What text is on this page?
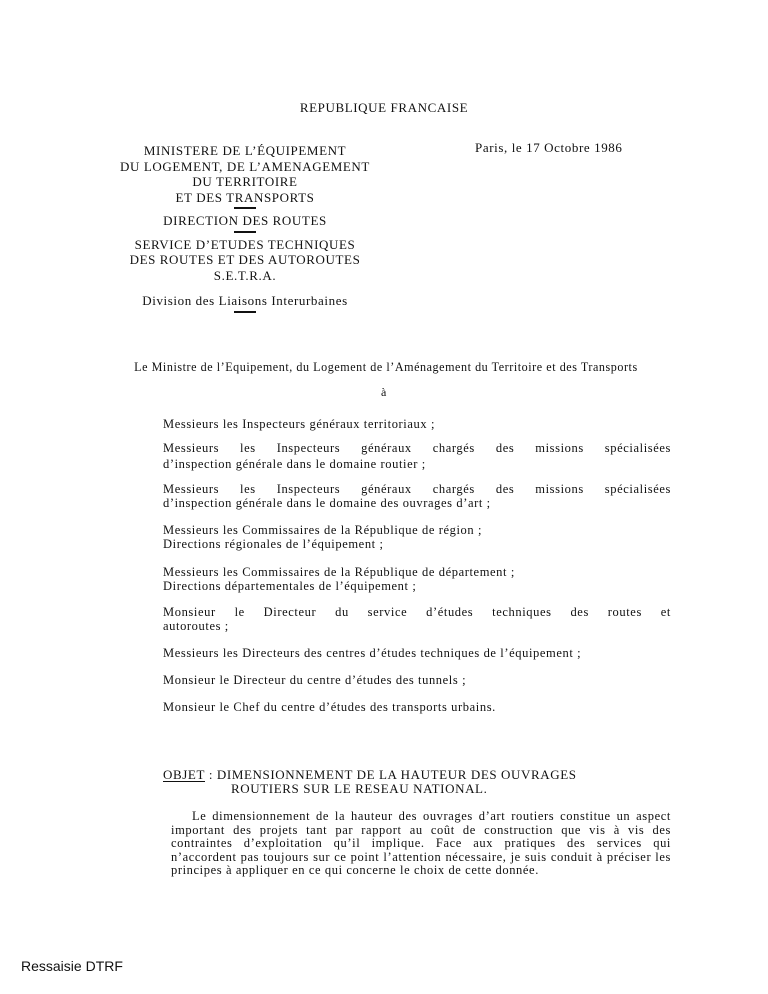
REPUBLIQUE FRANCAISE
MINISTERE DE L’ÉQUIPEMENT
DU LOGEMENT, DE L’AMENAGEMENT
DU TERRITOIRE
ET DES TRANSPORTS
DIRECTION DES ROUTES
SERVICE D’ETUDES TECHNIQUES
DES ROUTES ET DES AUTOROUTES
S.E.T.R.A.
Division des Liaisons Interurbaines
Paris, le 17 Octobre 1986
Le Ministre de l’Equipement, du Logement de l’Aménagement du Territoire et des Transports
à
Messieurs les Inspecteurs généraux territoriaux ;
Messieurs les Inspecteurs généraux chargés des missions spécialisées
d’inspection générale dans le domaine routier ;
Messieurs les Inspecteurs généraux chargés des missions spécialisées
d’inspection générale dans le domaine des ouvrages d’art ;
Messieurs les Commissaires de la République de région ;
Directions régionales de l’équipement ;
Messieurs les Commissaires de la République de département ;
Directions départementales de l’équipement ;
Monsieur le Directeur du service d’études techniques des routes et
autoroutes ;
Messieurs les Directeurs des centres d’études techniques de l’équipement ;
Monsieur le Directeur du centre d’études des tunnels ;
Monsieur le Chef du centre d’études des transports urbains.
OBJET : DIMENSIONNEMENT DE LA HAUTEUR DES OUVRAGES
ROUTIERS SUR LE RESEAU NATIONAL.
Le dimensionnement de la hauteur des ouvrages d’art routiers constitue un aspect important des projets tant par rapport au coût de construction que vis à vis des contraintes d’exploitation qu’il implique. Face aux pratiques des services qui n’accordent pas toujours sur ce point l’attention nécessaire, je suis conduit à préciser les principes à appliquer en ce qui concerne le choix de cette donnée.
Ressaisie DTRF
